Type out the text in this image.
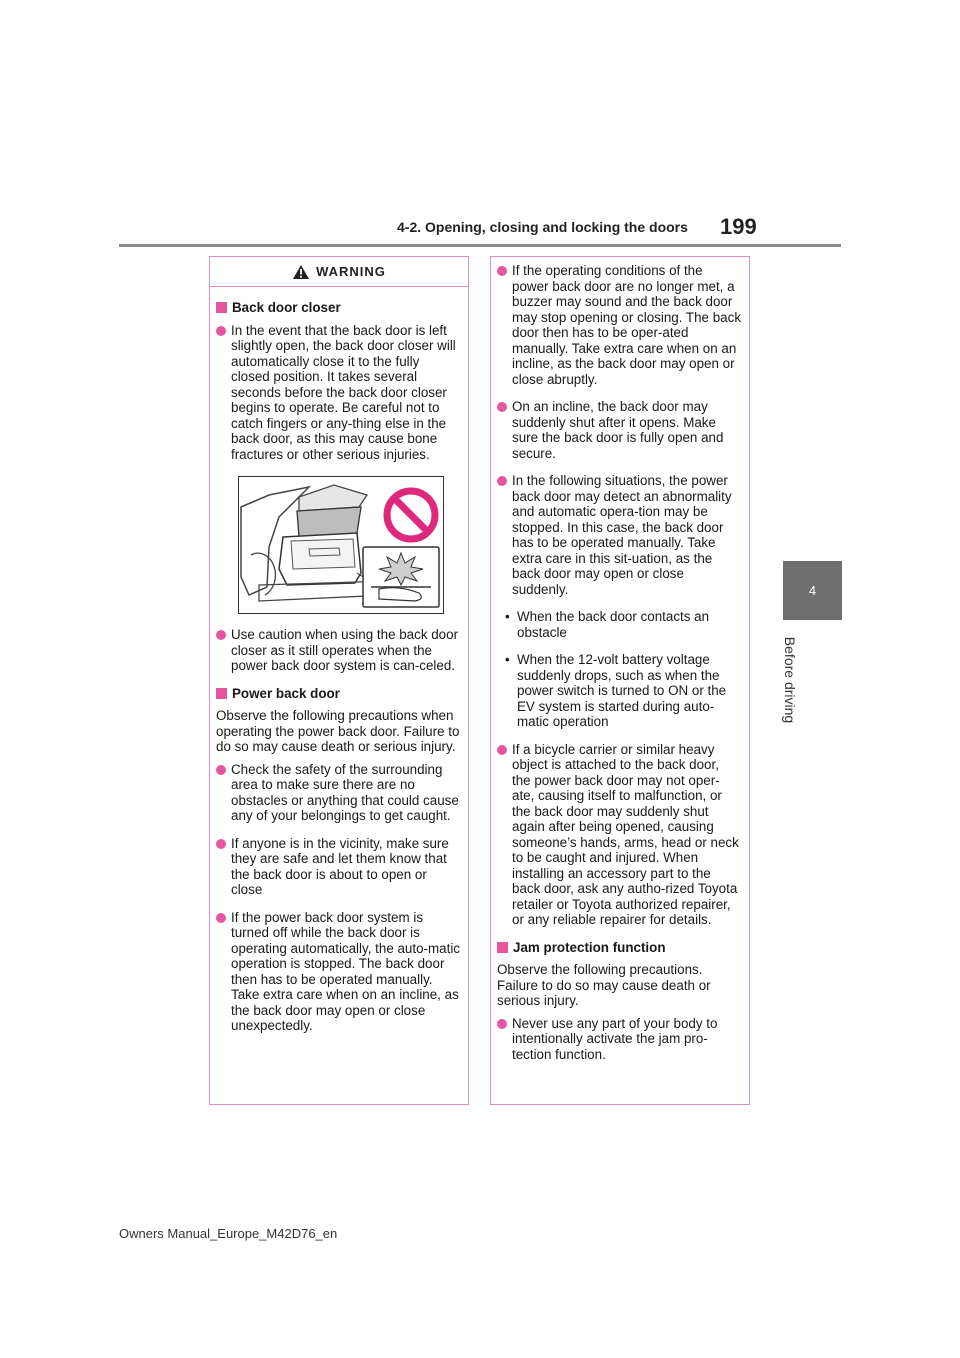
4-2. Opening, closing and locking the doors 199
4
Before driving
WARNING
Back door closer
In the event that the back door is left slightly open, the back door closer will automatically close it to the fully closed position. It takes several seconds before the back door closer begins to operate. Be careful not to catch fingers or any-thing else in the back door, as this may cause bone fractures or other serious injuries.
Use caution when using the back door closer as it still operates when the power back door system is can-celed.
Power back door
Observe the following precautions when operating the power back door. Failure to do so may cause death or serious injury.
Check the safety of the surrounding area to make sure there are no obstacles or anything that could cause any of your belongings to get caught.
If anyone is in the vicinity, make sure they are safe and let them know that the back door is about to open or close
If the power back door system is turned off while the back door is operating automatically, the auto-matic operation is stopped. The back door then has to be operated manually. Take extra care when on an incline, as the back door may open or close unexpectedly.
If the operating conditions of the power back door are no longer met, a buzzer may sound and the back door may stop opening or closing. The back door then has to be oper-ated manually. Take extra care when on an incline, as the back door may open or close abruptly.
On an incline, the back door may suddenly shut after it opens. Make sure the back door is fully open and secure.
In the following situations, the power back door may detect an abnormality and automatic opera-tion may be stopped. In this case, the back door has to be operated manually. Take extra care in this sit-uation, as the back door may open or close suddenly.
• When the back door contacts an obstacle
• When the 12-volt battery voltage suddenly drops, such as when the power switch is turned to ON or the EV system is started during auto-matic operation
If a bicycle carrier or similar heavy object is attached to the back door, the power back door may not oper-ate, causing itself to malfunction, or the back door may suddenly shut again after being opened, causing someone’s hands, arms, head or neck to be caught and injured. When installing an accessory part to the back door, ask any autho-rized Toyota retailer or Toyota authorized repairer, or any reliable repairer for details.
Jam protection function
Observe the following precautions. Failure to do so may cause death or serious injury.
Never use any part of your body to intentionally activate the jam pro-tection function.
Owners Manual_Europe_M42D76_en
